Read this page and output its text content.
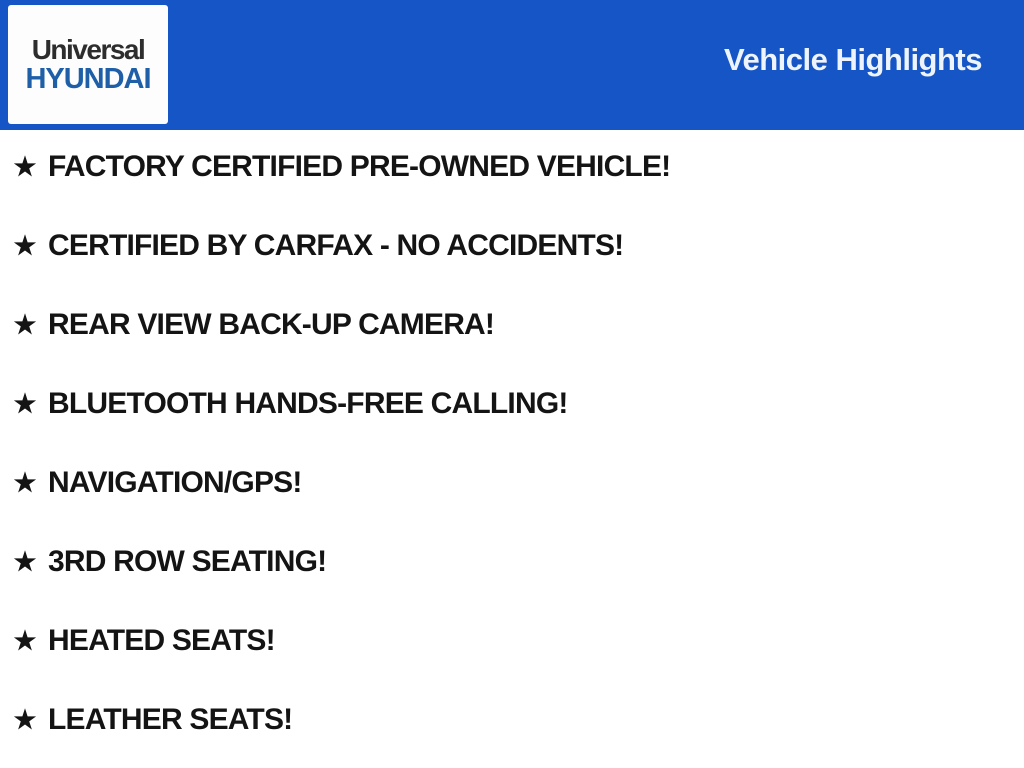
Universal
HYUNDAI
Vehicle Highlights
FACTORY CERTIFIED PRE-OWNED VEHICLE!
CERTIFIED BY CARFAX - NO ACCIDENTS!
REAR VIEW BACK-UP CAMERA!
BLUETOOTH HANDS-FREE CALLING!
NAVIGATION/GPS!
3RD ROW SEATING!
HEATED SEATS!
LEATHER SEATS!
